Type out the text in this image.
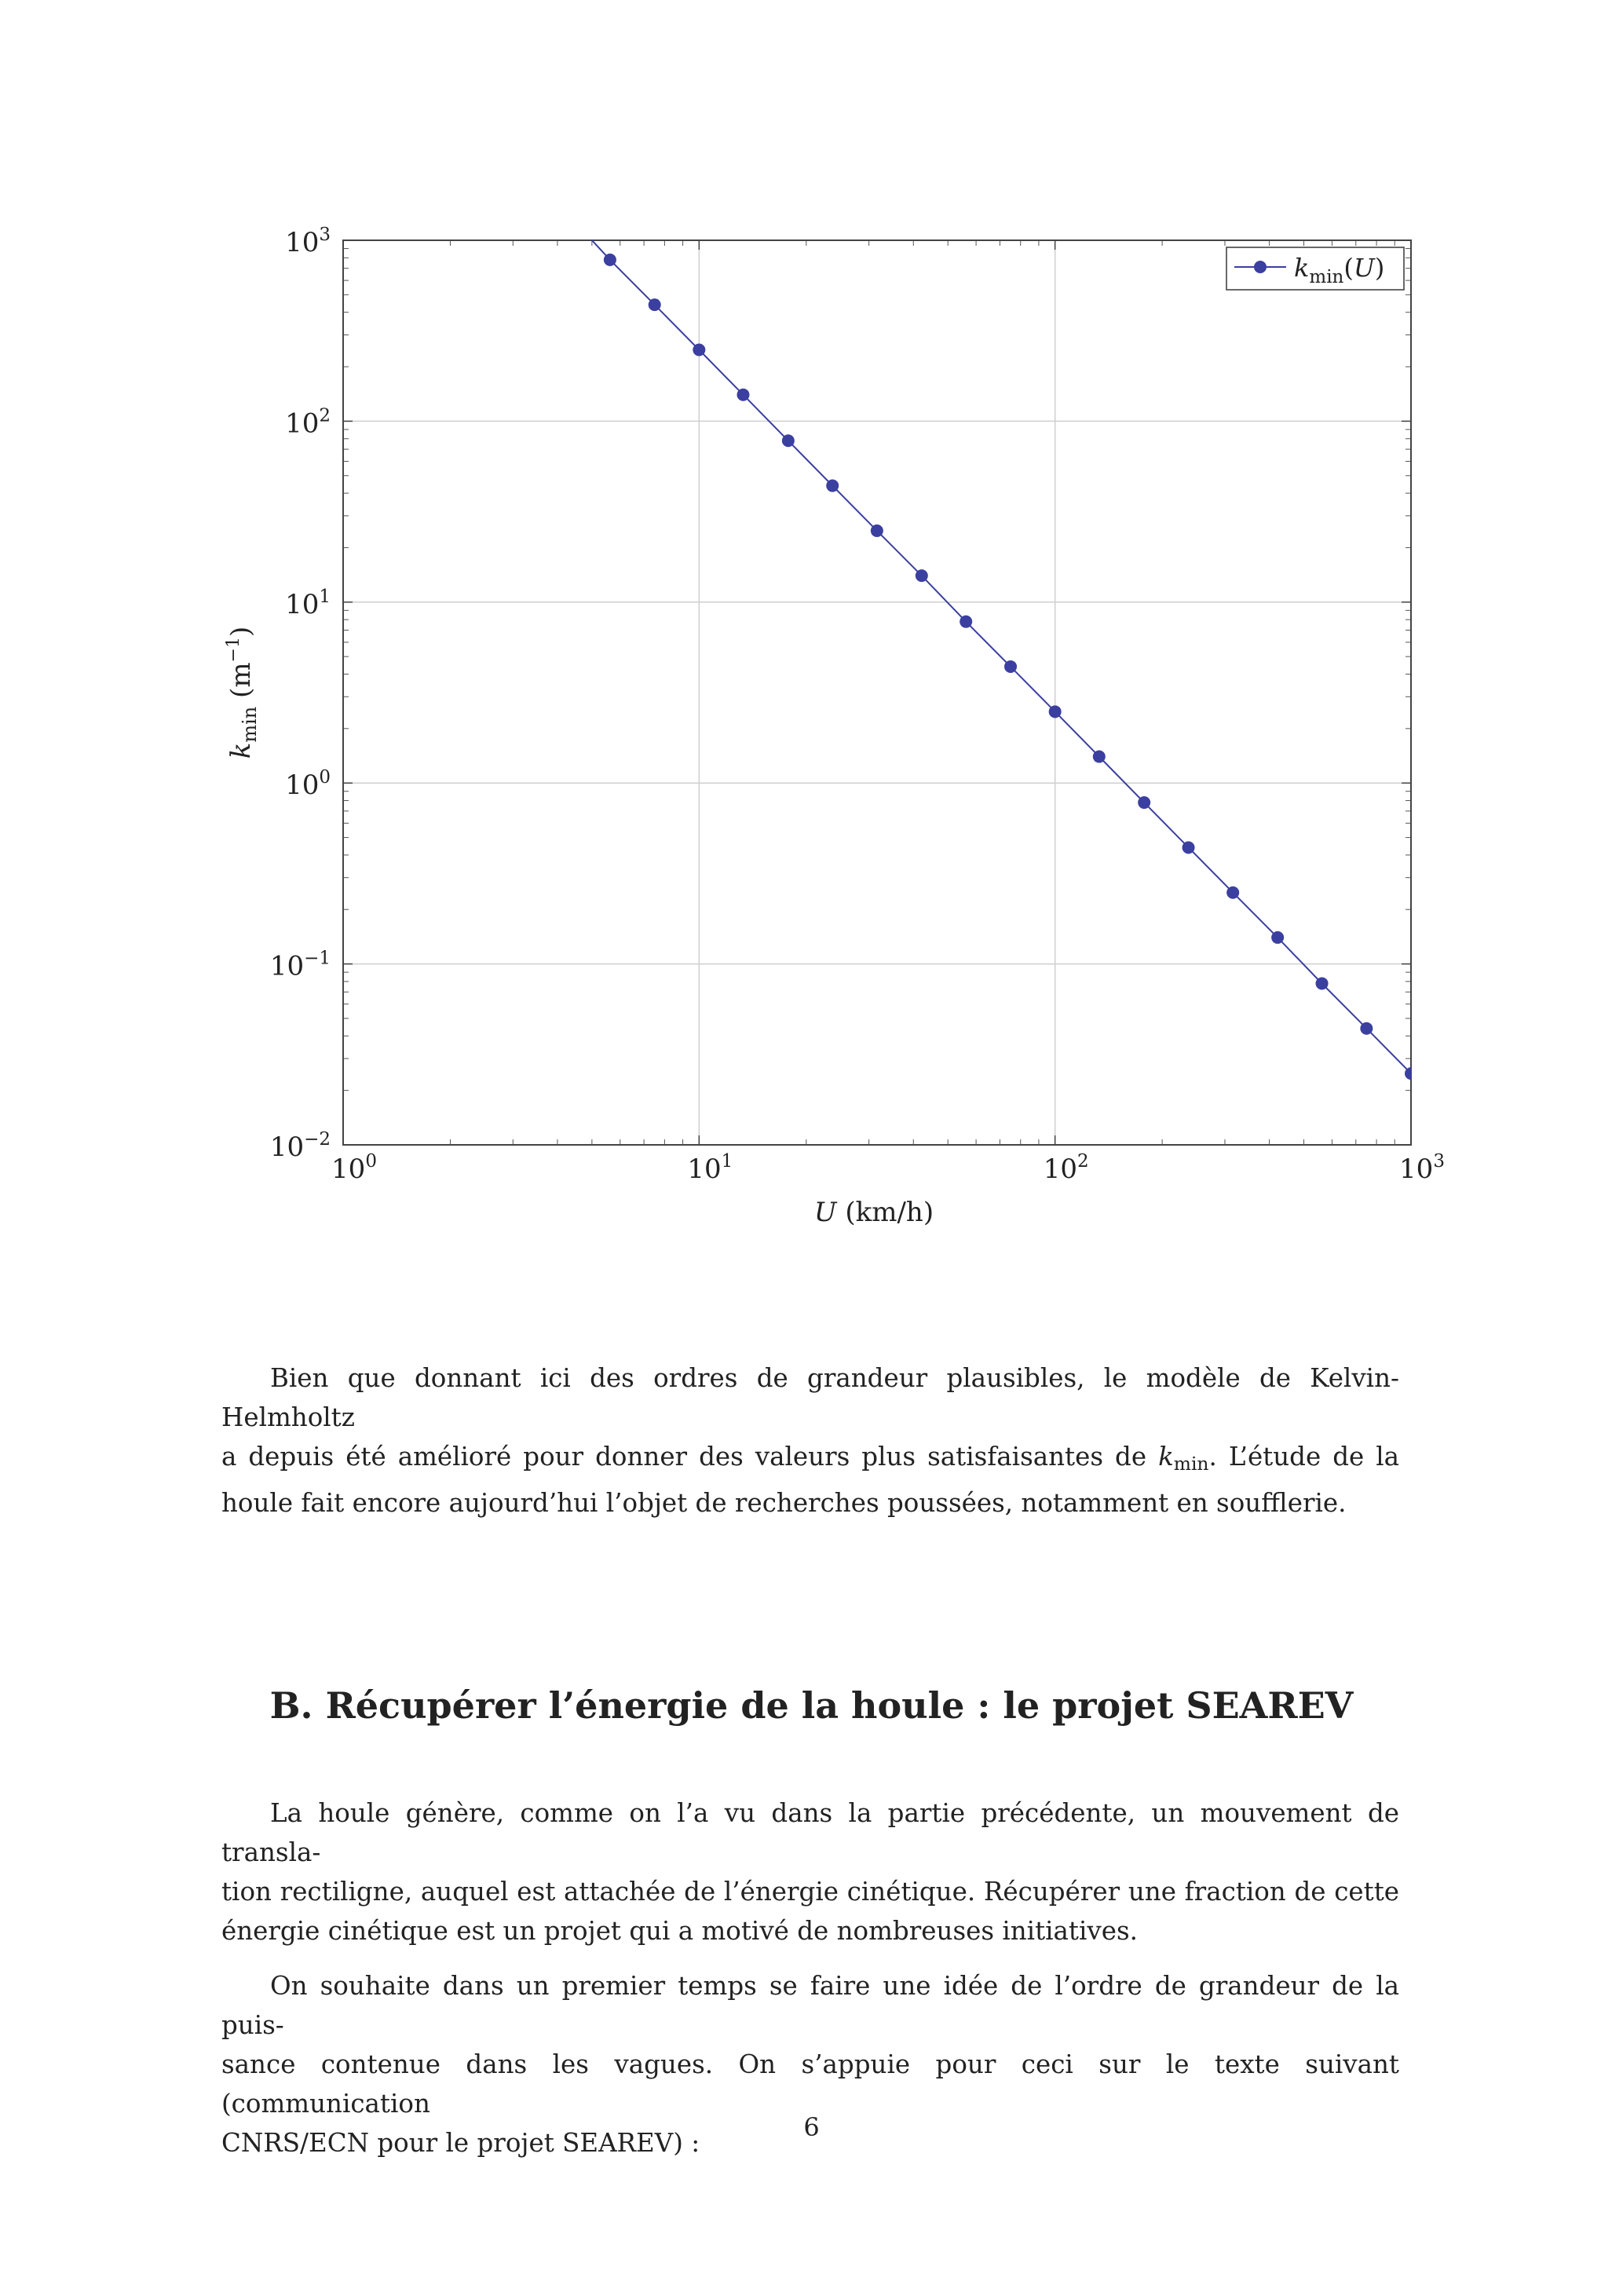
$10^0$	$10^1$	$10^2$	$10^3$
$10^{-2}$
$10^{-1}$
$10^0$
$10^1$
$10^2$
$10^3$
U (km/h)
$k_{min}$ $(m^{-1})$
$k_{min}(U)$

Bien que donnant ici des ordres de grandeur plausibles, le modèle de Kelvin-Helmholtz
a depuis été amélioré pour donner des valeurs plus satisfaisantes de $k_{min}$. L’étude de la
houle fait encore aujourd’hui l’objet de recherches poussées, notamment en soufflerie.

B. Récupérer l’énergie de la houle : le projet SEAREV

La houle génère, comme on l’a vu dans la partie précédente, un mouvement de transla-
tion rectiligne, auquel est attachée de l’énergie cinétique. Récupérer une fraction de cette
énergie cinétique est un projet qui a motivé de nombreuses initiatives.

On souhaite dans un premier temps se faire une idée de l’ordre de grandeur de la puis-
sance contenue dans les vagues. On s’appuie pour ceci sur le texte suivant (communication
CNRS/ECN pour le projet SEAREV) :

6
